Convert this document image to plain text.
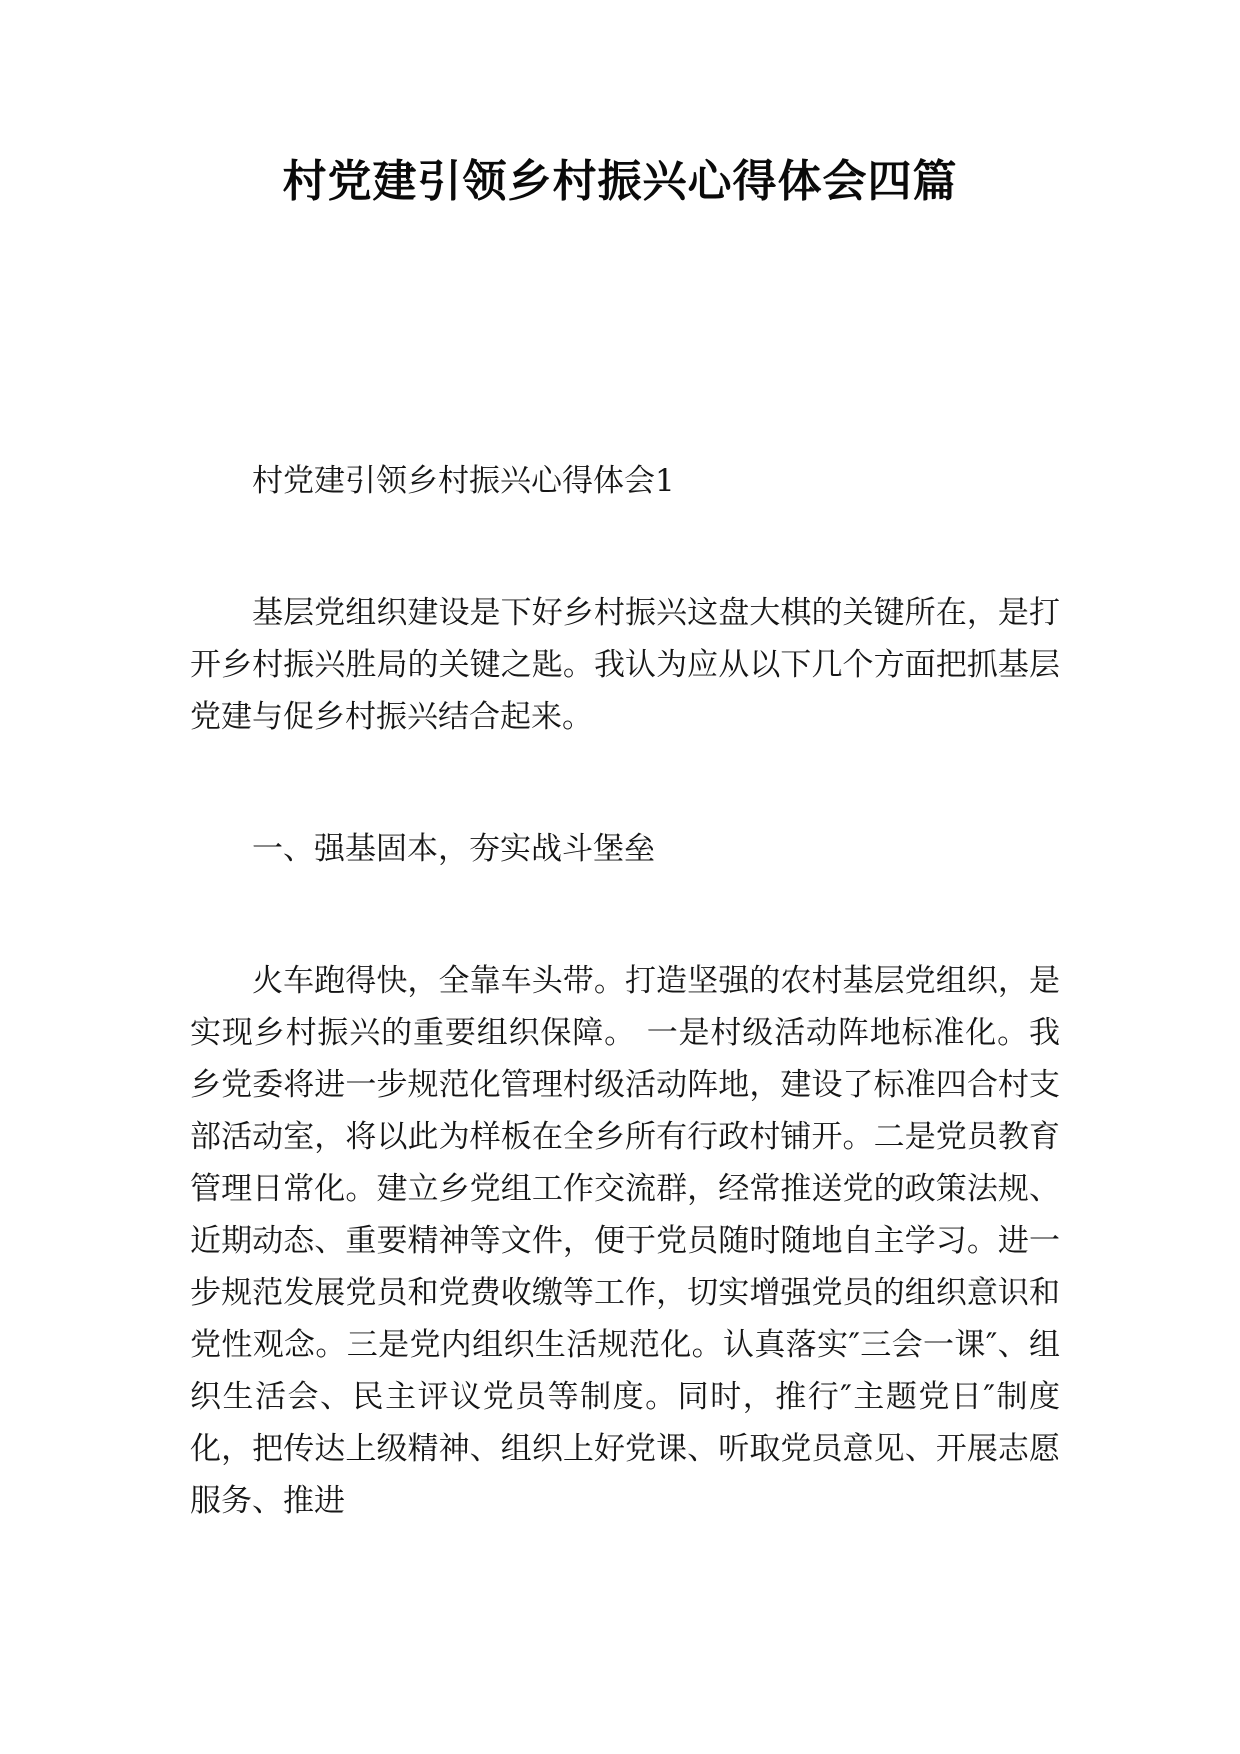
村党建引领乡村振兴心得体会四篇

村党建引领乡村振兴心得体会1

基层党组织建设是下好乡村振兴这盘大棋的关键所在，是打开乡村振兴胜局的关键之匙。我认为应从以下几个方面把抓基层党建与促乡村振兴结合起来。

一、强基固本，夯实战斗堡垒

火车跑得快，全靠车头带。打造坚强的农村基层党组织，是实现乡村振兴的重要组织保障。 一是村级活动阵地标准化。我乡党委将进一步规范化管理村级活动阵地，建设了标准四合村支部活动室，将以此为样板在全乡所有行政村铺开。二是党员教育管理日常化。建立乡党组工作交流群，经常推送党的政策法规、近期动态、重要精神等文件，便于党员随时随地自主学习。进一步规范发展党员和党费收缴等工作，切实增强党员的组织意识和党性观念。三是党内组织生活规范化。认真落实″三会一课″、组织生活会、民主评议党员等制度。同时，推行″主题党日″制度化，把传达上级精神、组织上好党课、听取党员意见、开展志愿服务、推进
